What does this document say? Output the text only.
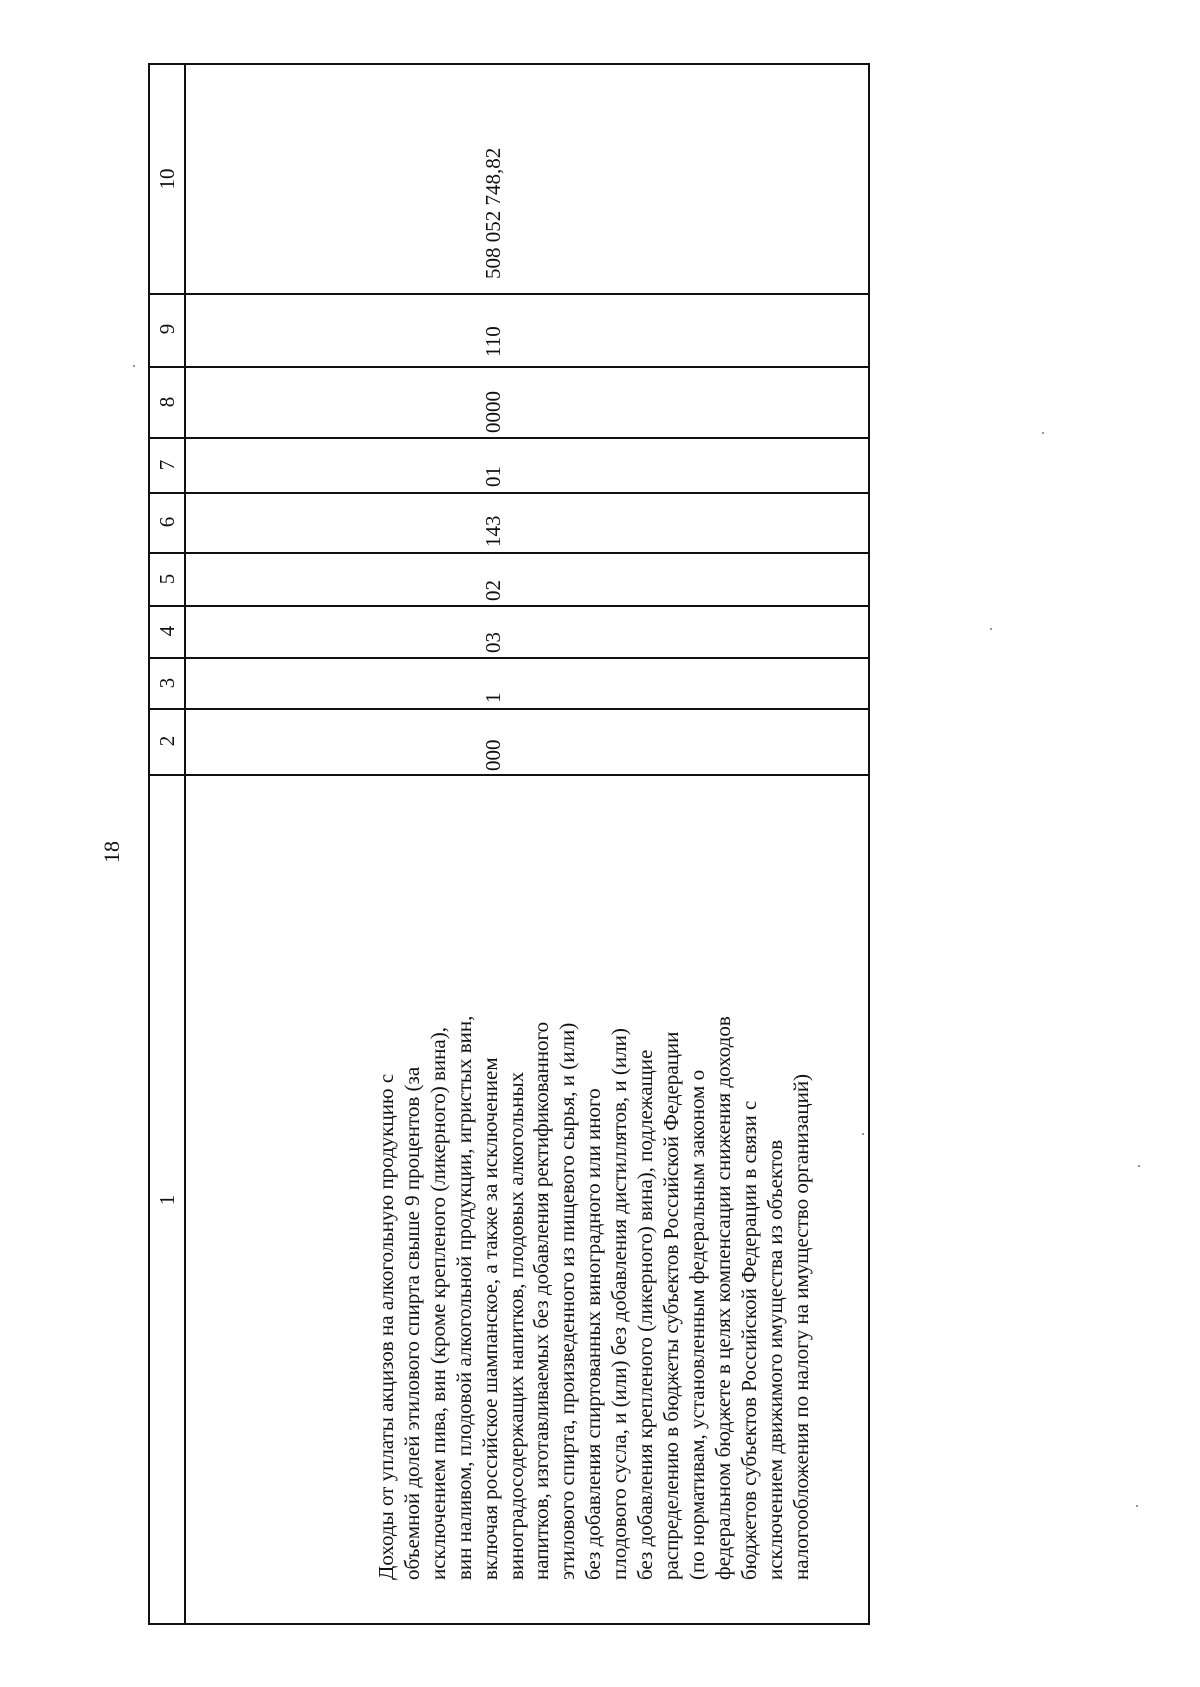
18
1
2
3
4
5
6
7
8
9
10
000
1
03
02
143
01
0000
110
508 052 748,82
Доходы от уплаты акцизов на алкогольную продукцию с объемной долей этилового спирта свыше 9 процентов (за исключением пива, вин (кроме крепленого (ликерного) вина), вин наливом, плодовой алкогольной продукции, игристых вин, включая российское шампанское, а также за исключением виноградосодержащих напитков, плодовых алкогольных напитков, изготавливаемых без добавления ректификованного этилового спирта, произведенного из пищевого сырья, и (или) без добавления спиртованных виноградного или иного плодового сусла, и (или) без добавления дистиллятов, и (или) без добавления крепленого (ликерного) вина), подлежащие распределению в бюджеты субъектов Российской Федерации (по нормативам, установленным федеральным законом о федеральном бюджете в целях компенсации снижения доходов бюджетов субъектов Российской Федерации в связи с исключением движимого имущества из объектов налогообложения по налогу на имущество организаций)
